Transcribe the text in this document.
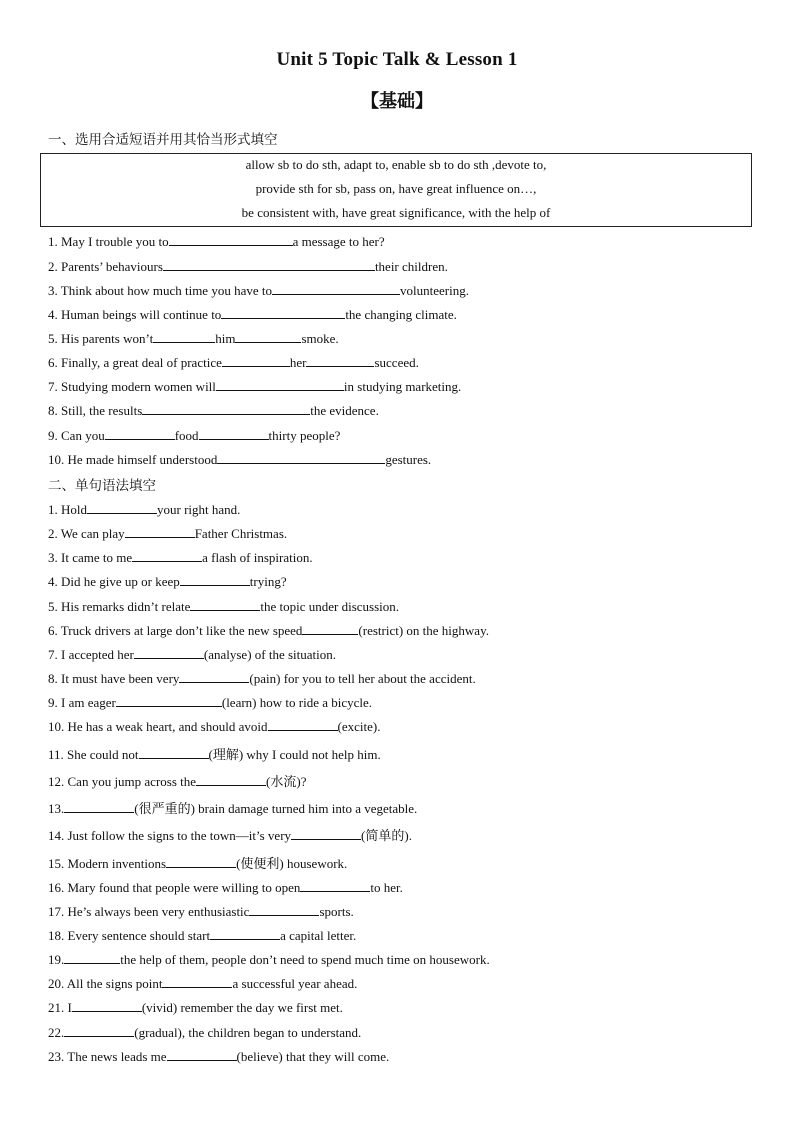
Unit 5 Topic Talk & Lesson 1
【基础】
一、选用合适短语并用其恰当形式填空
allow sb to do sth, adapt to, enable sb to do sth ,devote to,
provide sth for sb, pass on, have great influence on…,
be consistent with, have great significance, with the help of
1. May I trouble you to	a message to her?
2. Parents’ behaviours	their children.
3. Think about how much time you have to	volunteering.
4. Human beings will continue to	the changing climate.
5. His parents won’t	him	smoke.
6. Finally, a great deal of practice	her	succeed.
7. Studying modern women will	in studying marketing.
8. Still, the results	the evidence.
9. Can you	food	thirty people?
10. He made himself understood	gestures.
二、单句语法填空
1. Hold	your right hand.
2. We can play	Father Christmas.
3. It came to me	a flash of inspiration.
4. Did he give up or keep	trying?
5. His remarks didn’t relate	the topic under discussion.
6. Truck drivers at large don’t like the new speed	(restrict) on the highway.
7. I accepted her	(analyse) of the situation.
8. It must have been very	(pain) for you to tell her about the accident.
9. I am eager	(learn) how to ride a bicycle.
10. He has a weak heart, and should avoid	(excite).
11. She could not	(理解) why I could not help him.
12. Can you jump across the	(水流)?
13.	(很严重的) brain damage turned him into a vegetable.
14. Just follow the signs to the town—it’s very	(简单的).
15. Modern inventions	(使便利) housework.
16. Mary found that people were willing to open	to her.
17. He’s always been very enthusiastic	sports.
18. Every sentence should start	a capital letter.
19.	the help of them, people don’t need to spend much time on housework.
20. All the signs point	a successful year ahead.
21. I	(vivid) remember the day we first met.
22.	(gradual), the children began to understand.
23. The news leads me	(believe) that they will come.
